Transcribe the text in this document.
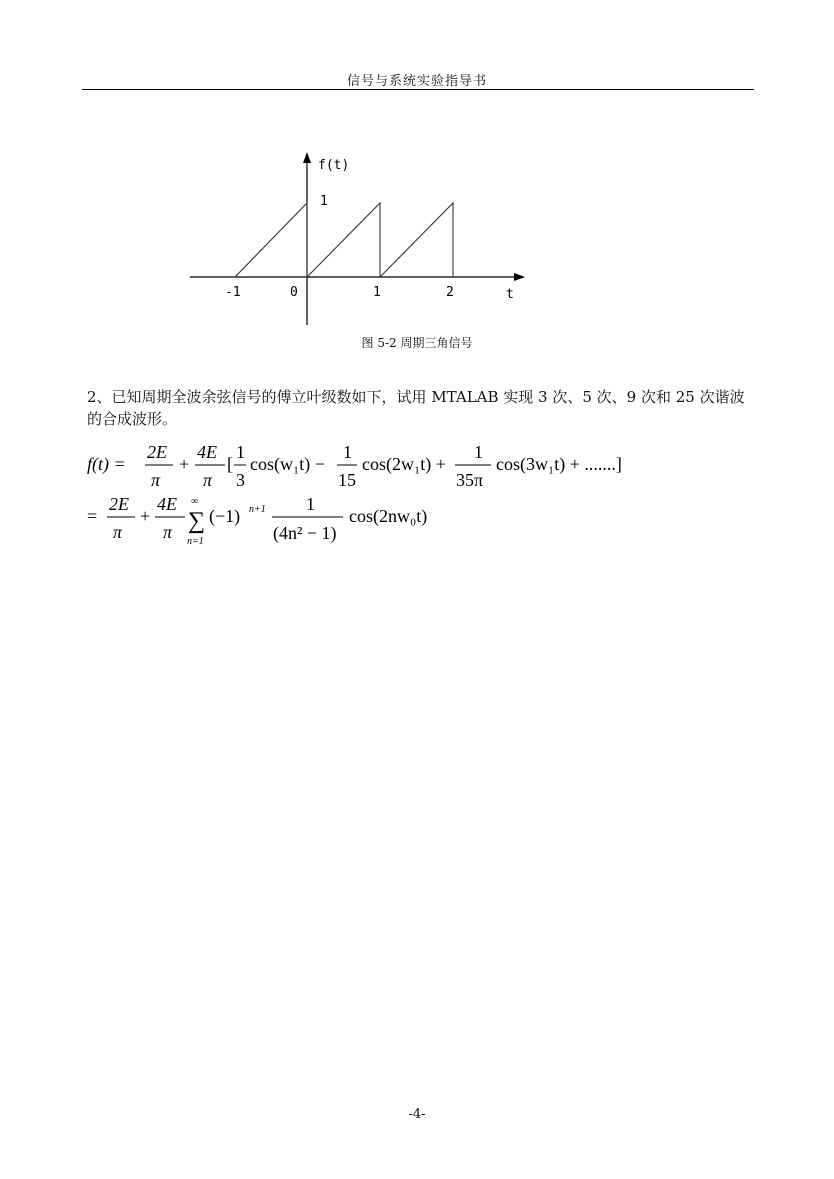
信号与系统实验指导书
f(t)
1
-1	0	1	2	t
图 5-2 周期三角信号
2、已知周期全波余弦信号的傅立叶级数如下，试用 MTALAB 实现 3 次、5 次、9 次和 25 次谐波的合成波形。
f(t) =
2E
π
+
4E
π
[
1
3
cos(w₁t) −
1
15
cos(2w₁t) +
1
35π
cos(3w₁t) + .......]
=
2E
π
+
4E
π
∞
∑
n=1
(−1) n+1 1
(4n² − 1)
cos(2nw₀t)
-4-
